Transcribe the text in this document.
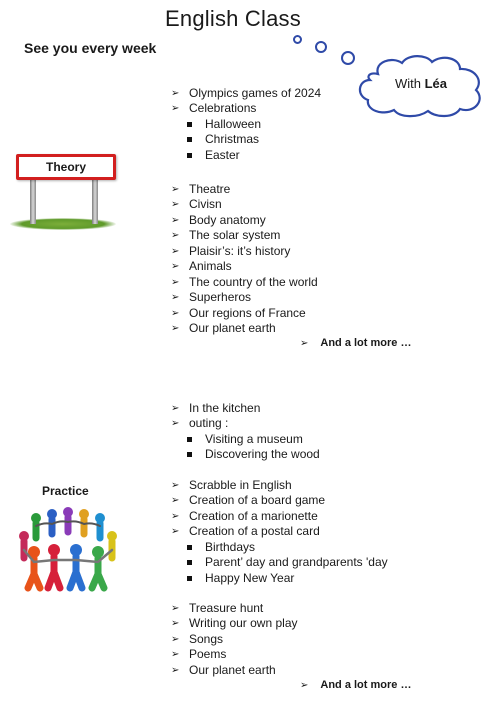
English Class
See you every week
With Léa
Theory
➢ Olympics games of 2024
➢ Celebrations
Halloween
Christmas
Easter
➢ Theatre
➢ Civisn
➢ Body anatomy
➢ The solar system
➢ Plaisir’s: it’s history
➢ Animals
➢ The country of the world
➢ Superheros
➢ Our regions of France
➢ Our planet earth
➢ And a lot more …
Practice
➢ In the kitchen
➢ outing :
Visiting a museum
Discovering the wood
➢ Scrabble in English
➢ Creation of a board game
➢ Creation of a marionette
➢ Creation of a postal card
Birthdays
Parent’ day and grandparents 'day
Happy New Year
➢ Treasure hunt
➢ Writing our own play
➢ Songs
➢ Poems
➢ Our planet earth
➢ And a lot more …
